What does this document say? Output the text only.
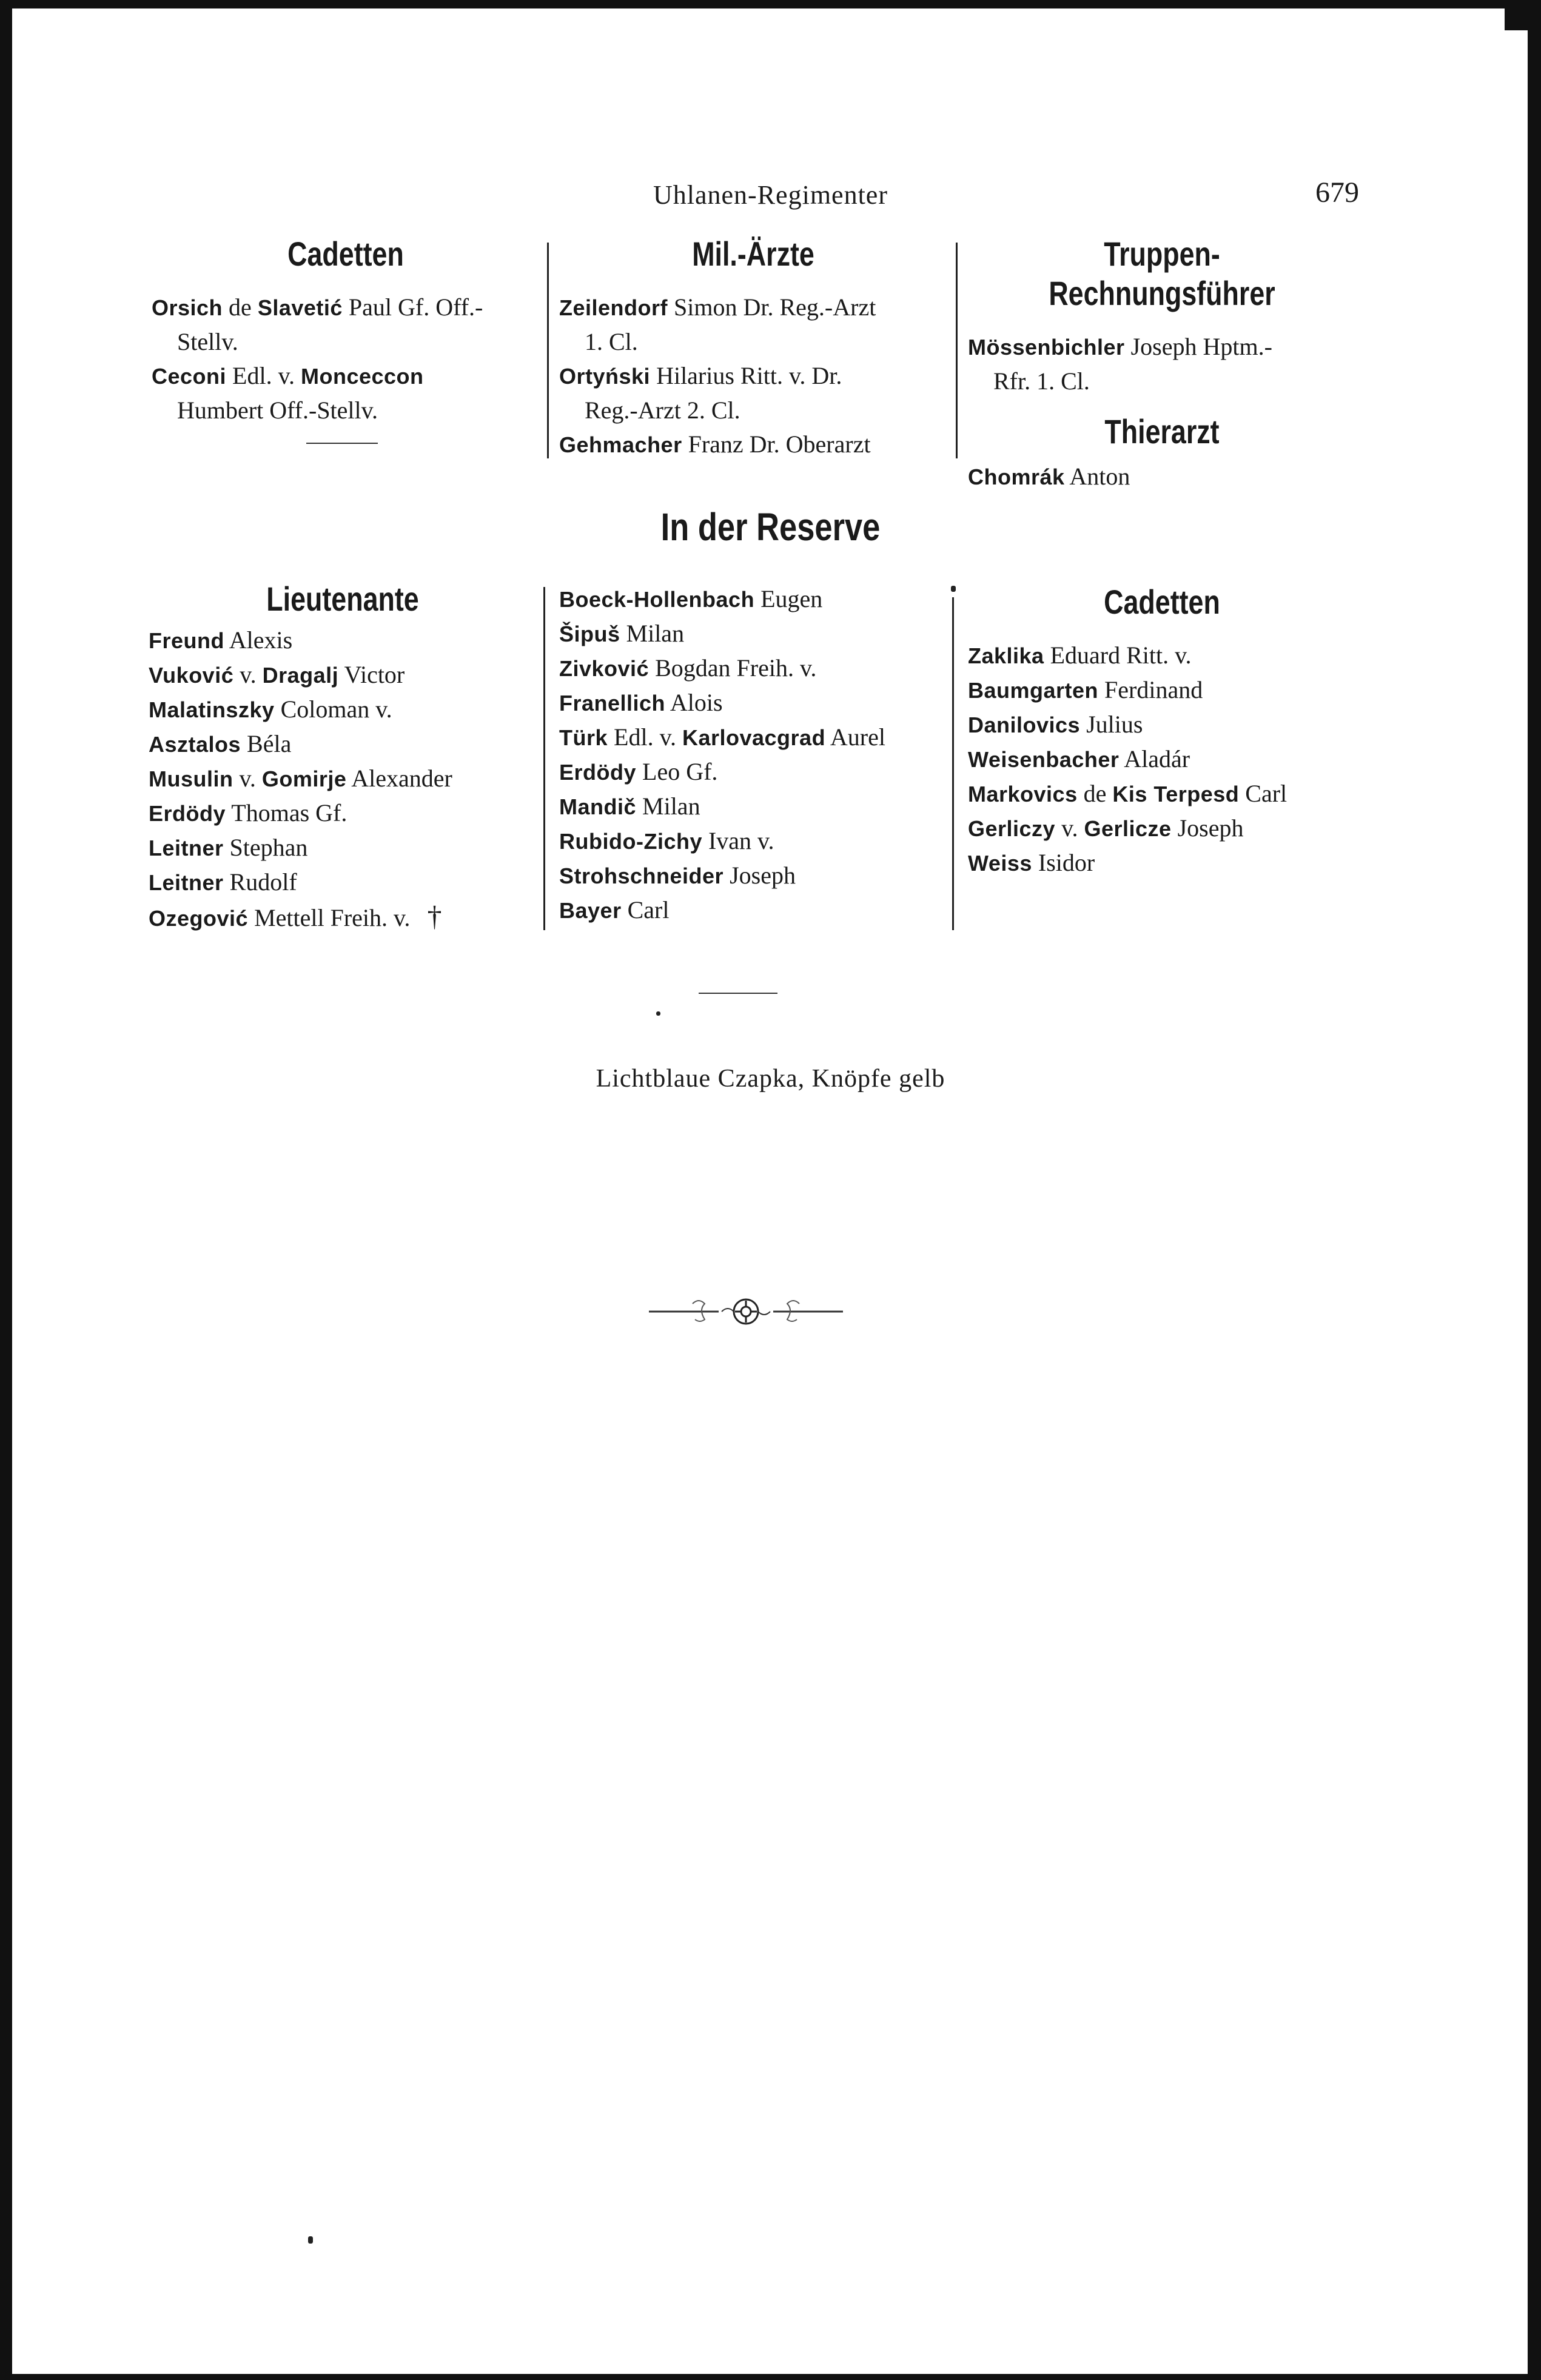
Uhlanen-Regimenter	679
Cadetten

Orsich de Slavetić Paul Gf. Off.-

Stellv.

Ceconi Edl. v. Monceccon

Humbert Off.-Stellv.

Mil.-Ärzte

Zeilendorf Simon Dr. Reg.-Arzt

1. Cl.

Ortyński Hilarius Ritt. v. Dr.

Reg.-Arzt 2. Cl.

Gehmacher Franz Dr. Oberarzt

Truppen-Rechnungsführer

Mössenbichler Joseph Hptm.-

Rfr. 1. Cl.

Thierarzt

Chomrák Anton

In der Reserve
Lieutenante

Freund Alexis

Vuković v. Dragalj Victor

Malatinszky Coloman v.

Asztalos Béla

Musulin v. Gomirje Alexander

Erdödy Thomas Gf.

Leitner Stephan

Leitner Rudolf

Ozegović Mettell Freih. v. †

Boeck-Hollenbach Eugen

Šipuš Milan

Zivković Bogdan Freih. v.

Franellich Alois

Türk Edl. v. Karlovacgrad Aurel

Erdödy Leo Gf.

Mandič Milan

Rubido-Zichy Ivan v.

Strohschneider Joseph

Bayer Carl

Cadetten

Zaklika Eduard Ritt. v.

Baumgarten Ferdinand

Danilovics Julius

Weisenbacher Aladár

Markovics de Kis Terpesd Carl

Gerliczy v. Gerlicze Joseph

Weiss Isidor

Lichtblaue Czapka, Knöpfe gelb
